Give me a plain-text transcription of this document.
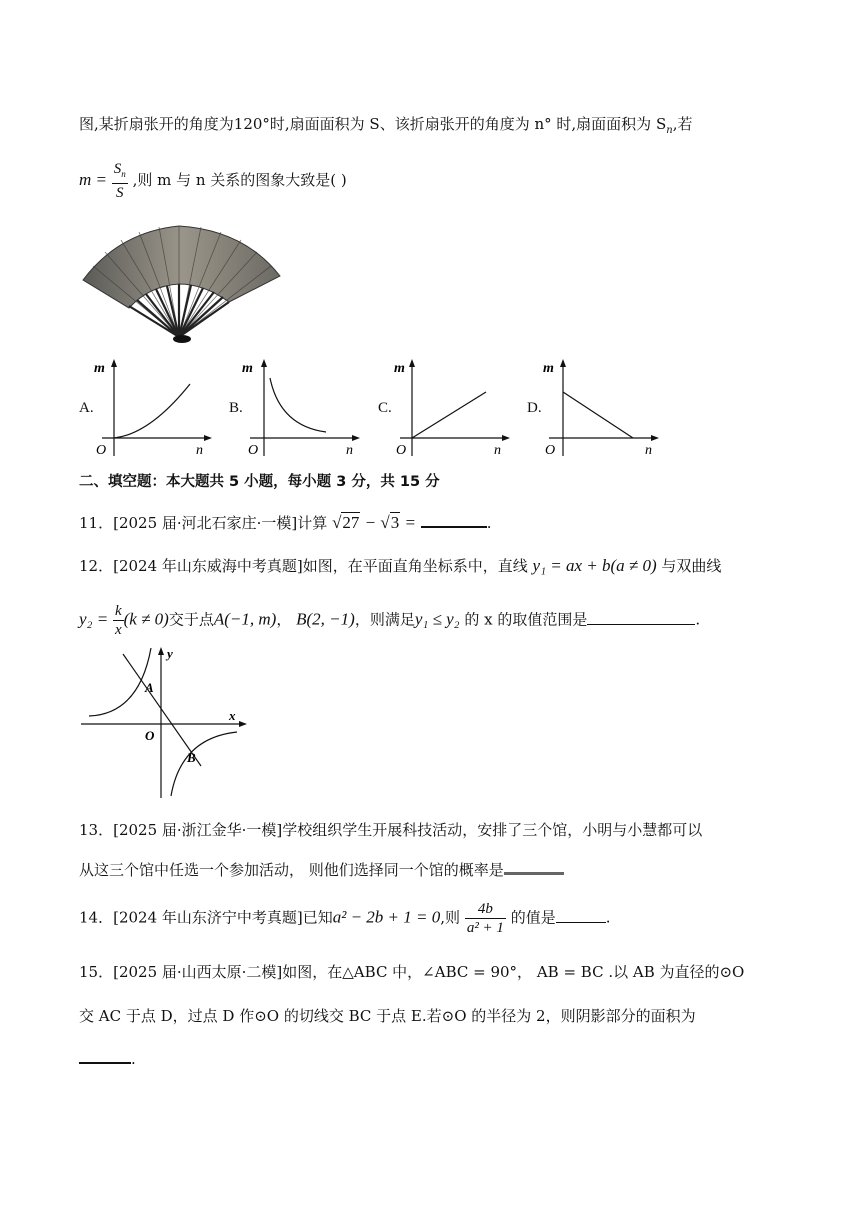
图,某折扇张开的角度为120°时,扇面面积为 S、该折扇张开的角度为 n° 时,扇面面积为 $S_n$,若
$m = \frac{S_n}{S}$ ,则 m 与 n 关系的图象大致是( )
A.
m
O	n
B.
m
O	n
C.
m
O	n
D.
m
O	n
二、填空题：本大题共 5 小题，每小题 3 分，共 15 分
11．[2025 届·河北石家庄·一模]计算 √27 − √3 =	.
12．[2024 年山东威海中考真题]如图，在平面直角坐标系中，直线 y₁ = ax + b(a ≠ 0) 与双曲线
$y_2 = \frac{k}{x} (k \ne 0)$交于点A(−1, m)， B(2, −1)，则满足y₁ ≤ y₂ 的 x 的取值范围是	.
y
x
O
A
B
13．[2025 届·浙江金华·一模]学校组织学生开展科技活动，安排了三个馆，小明与小慧都可以
从这三个馆中任选一个参加活动， 则他们选择同一个馆的概率是
14．[2024 年山东济宁中考真题]已知a² − 2b + 1 = 0,则 $\frac{4b}{\text{a² + 1}}$ 的值是	.
15．[2025 届·山西太原·二模]如图，在△ABC 中，∠ABC = 90°， AB = BC .以 AB 为直径的⊙O
交 AC 于点 D，过点 D 作⊙O 的切线交 BC 于点 E.若⊙O 的半径为 2，则阴影部分的面积为
.
